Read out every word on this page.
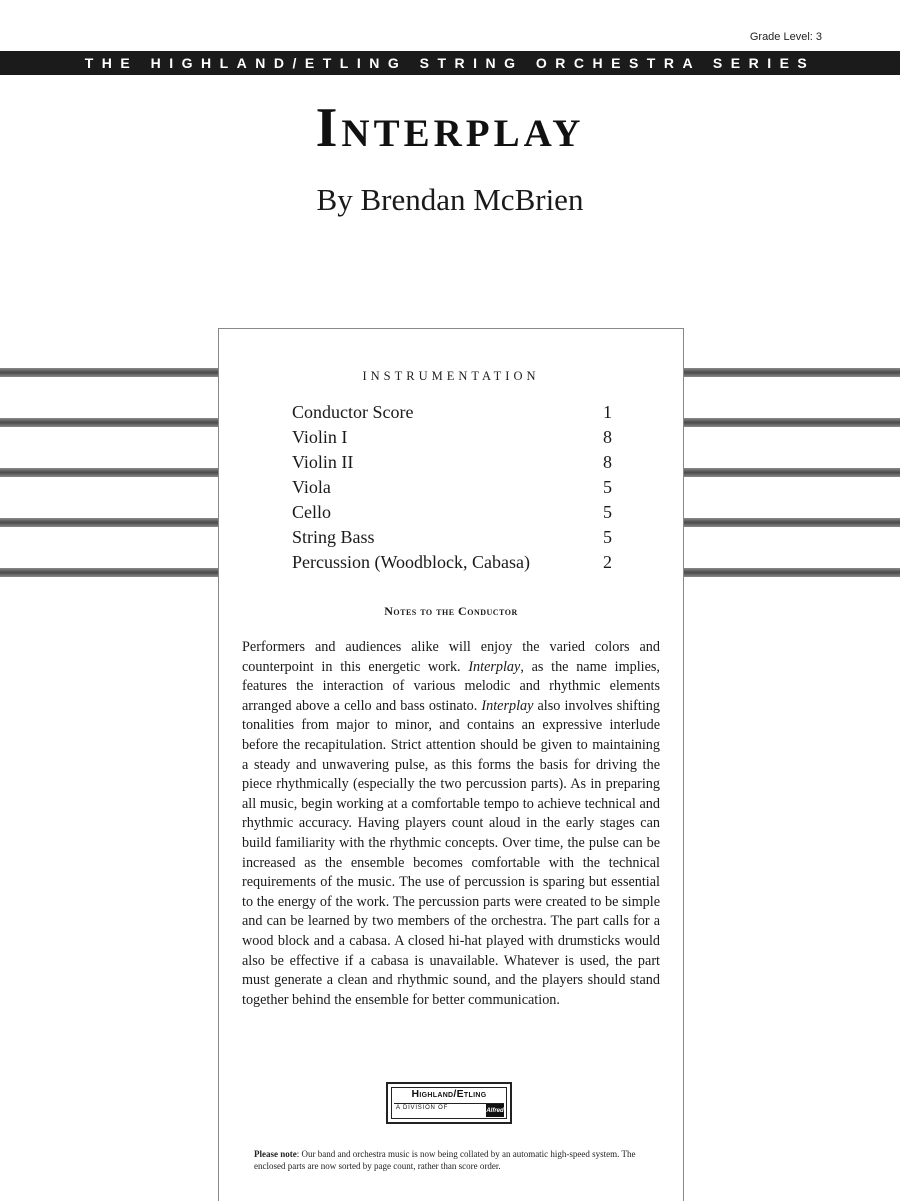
Grade Level: 3
THE HIGHLAND/ETLING STRING ORCHESTRA SERIES
Interplay
By Brendan McBrien
INSTRUMENTATION
Conductor Score	1
Violin I	8
Violin II	8
Viola	5
Cello	5
String Bass	5
Percussion (Woodblock, Cabasa)	2
Notes to the Conductor

Performers and audiences alike will enjoy the varied colors and counterpoint in this energetic work. Interplay, as the name implies, features the interaction of various melodic and rhythmic elements arranged above a cello and bass ostinato. Interplay also involves shifting tonalities from major to minor, and contains an expressive interlude before the recapitulation. Strict attention should be given to maintaining a steady and unwavering pulse, as this forms the basis for driving the piece rhythmically (especially the two percussion parts). As in preparing all music, begin working at a comfortable tempo to achieve technical and rhythmic accuracy. Having players count aloud in the early stages can build familiarity with the rhythmic concepts. Over time, the pulse can be increased as the ensemble becomes comfortable with the technical requirements of the music. The use of percussion is sparing but essential to the energy of the work. The percussion parts were created to be simple and can be learned by two members of the orchestra. The part calls for a wood block and a cabasa. A closed hi-hat played with drumsticks would also be effective if a cabasa is unavailable. Whatever is used, the part must generate a clean and rhythmic sound, and the players should stand together behind the ensemble for better communication.

Highland/Etling
A DIVISION OF	Alfred

Please note: Our band and orchestra music is now being collated by an automatic high-speed system. The enclosed parts are now sorted by page count, rather than score order.
